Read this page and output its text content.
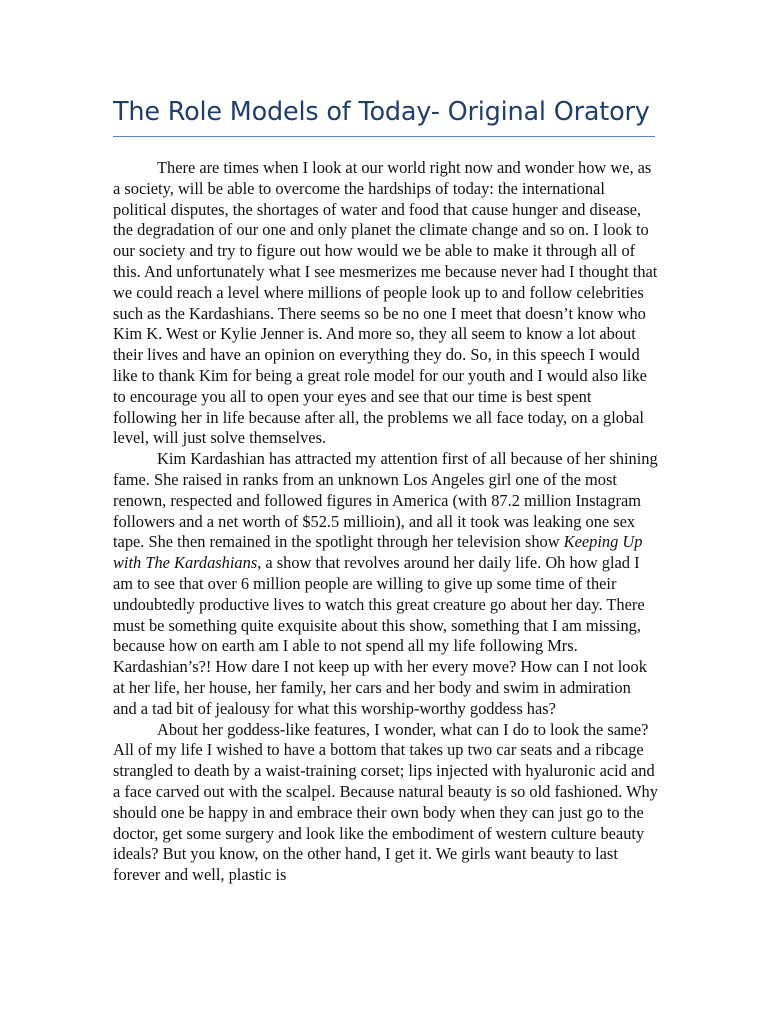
The Role Models of Today- Original Oratory

There are times when I look at our world right now and wonder how we, as a society, will be able to overcome the hardships of today: the international political disputes, the shortages of water and food that cause hunger and disease, the degradation of our one and only planet the climate change and so on. I look to our society and try to figure out how would we be able to make it through all of this. And unfortunately what I see mesmerizes me because never had I thought that we could reach a level where millions of people look up to and follow celebrities such as the Kardashians. There seems so be no one I meet that doesn’t know who Kim K. West or Kylie Jenner is. And more so, they all seem to know a lot about their lives and have an opinion on everything they do. So, in this speech I would like to thank Kim for being a great role model for our youth and I would also like to encourage you all to open your eyes and see that our time is best spent following her in life because after all, the problems we all face today, on a global level, will just solve themselves.

Kim Kardashian has attracted my attention first of all because of her shining fame. She raised in ranks from an unknown Los Angeles girl one of the most renown, respected and followed figures in America (with 87.2 million Instagram followers and a net worth of $52.5 millioin), and all it took was leaking one sex tape. She then remained in the spotlight through her television show Keeping Up with The Kardashians, a show that revolves around her daily life. Oh how glad I am to see that over 6 million people are willing to give up some time of their undoubtedly productive lives to watch this great creature go about her day. There must be something quite exquisite about this show, something that I am missing, because how on earth am I able to not spend all my life following Mrs. Kardashian’s?! How dare I not keep up with her every move? How can I not look at her life, her house, her family, her cars and her body and swim in admiration and a tad bit of jealousy for what this worship-worthy goddess has?

About her goddess-like features, I wonder, what can I do to look the same? All of my life I wished to have a bottom that takes up two car seats and a ribcage strangled to death by a waist-training corset; lips injected with hyaluronic acid and a face carved out with the scalpel. Because natural beauty is so old fashioned. Why should one be happy in and embrace their own body when they can just go to the doctor, get some surgery and look like the embodiment of western culture beauty ideals? But you know, on the other hand, I get it. We girls want beauty to last forever and well, plastic is
